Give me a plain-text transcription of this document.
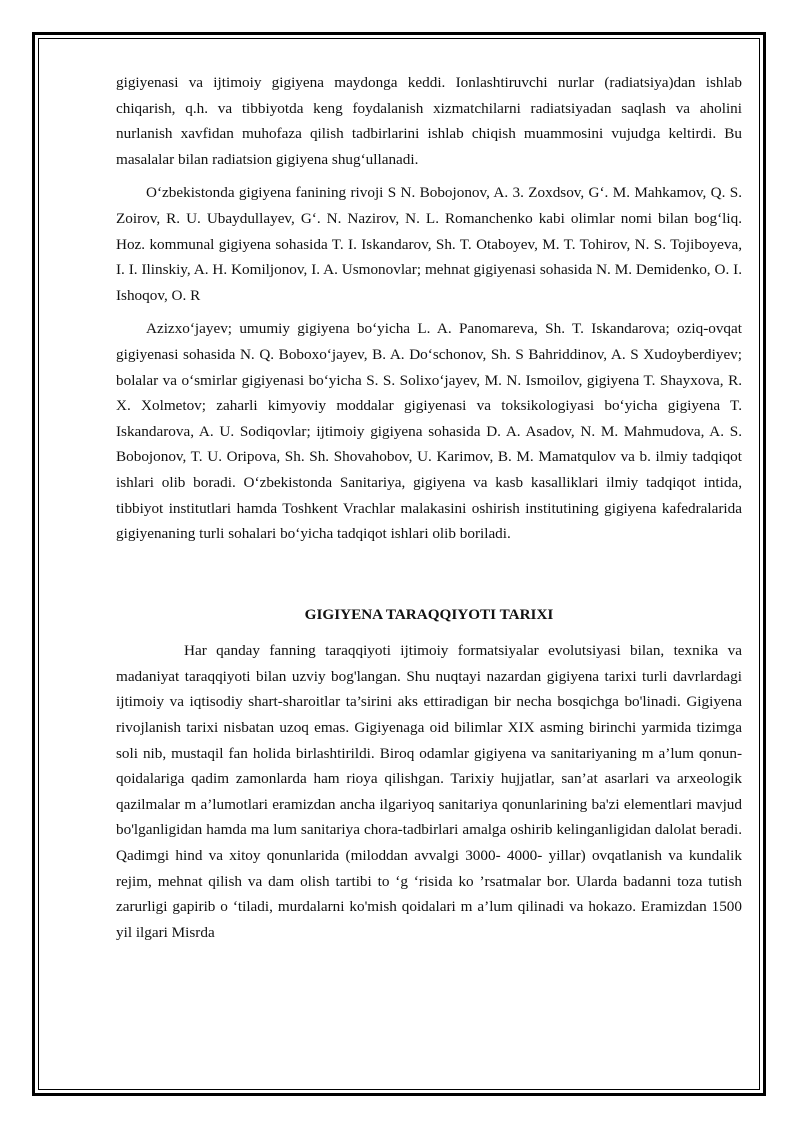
gigiyenasi va ijtimoiy gigiyena maydonga keddi. Ionlashtiruvchi nurlar (radiatsiya)dan ishlab chiqarish, q.h. va tibbiyotda keng foydalanish xizmatchilarni radiatsiyadan saqlash va aholini nurlanish xavfidan muhofaza qilish tadbirlarini ishlab chiqish muammosini vujudga keltirdi. Bu masalalar bilan radiatsion gigiyena shug‘ullanadi.

O‘zbekistonda gigiyena fanining rivoji S N. Bobojonov, A. 3. Zoxdsov, G‘. M. Mahkamov, Q. S. Zoirov, R. U. Ubaydullayev, G‘. N. Nazirov, N. L. Romanchenko kabi olimlar nomi bilan bog‘liq. Hoz. kommunal gigiyena sohasida T. I. Iskandarov, Sh. T. Otaboyev, M. T. Tohirov, N. S. Tojiboyeva, I. I. Ilinskiy, A. H. Komiljonov, I. A. Usmonovlar; mehnat gigiyenasi sohasida N. M. Demidenko, O. I. Ishoqov, O. R

Azizxo‘jayev; umumiy gigiyena bo‘yicha L. A. Panomareva, Sh. T. Iskandarova; oziq-ovqat gigiyenasi sohasida N. Q. Boboxo‘jayev, B. A. Do‘schonov, Sh. S Bahriddinov, A. S Xudoyberdiyev; bolalar va o‘smirlar gigiyenasi bo‘yicha S. S. Solixo‘jayev, M. N. Ismoilov, gigiyena T. Shayxova, R. X. Xolmetov; zaharli kimyoviy moddalar gigiyenasi va toksikologiyasi bo‘yicha gigiyena T. Iskandarova, A. U. Sodiqovlar; ijtimoiy gigiyena sohasida D. A. Asadov, N. M. Mahmudova, A. S. Bobojonov, T. U. Oripova, Sh. Sh. Shovahobov, U. Karimov, B. M. Mamatqulov va b. ilmiy tadqiqot ishlari olib boradi. O‘zbekistonda Sanitariya, gigiyena va kasb kasalliklari ilmiy tadqiqot intida, tibbiyot institutlari hamda Toshkent Vrachlar malakasini oshirish institutining gigiyena kafedralarida gigiyenaning turli sohalari bo‘yicha tadqiqot ishlari olib boriladi.

GIGIYENA TARAQQIYOTI TARIXI

Har qanday fanning taraqqiyoti ijtimoiy formatsiyalar evolutsiyasi bilan, texnika va madaniyat taraqqiyoti bilan uzviy bog'langan. Shu nuqtayi nazardan gigiyena tarixi turli davrlardagi ijtimoiy va iqtisodiy shart-sharoitlar ta’sirini aks ettiradigan bir necha bosqichga bo'linadi. Gigiyena rivojlanish tarixi nisbatan uzoq emas. Gigiyenaga oid bilimlar XIX asming birinchi yarmida tizimga soli nib, mustaqil fan holida birlashtirildi. Biroq odamlar gigiyena va sanitariyaning m a’lum qonun-qoidalariga qadim zamonlarda ham rioya qilishgan. Tarixiy hujjatlar, san’at asarlari va arxeologik qazilmalar m a’lumotlari eramizdan ancha ilgariyoq sanitariya qonunlarining ba'zi elementlari mavjud bo'lganligidan hamda ma lum sanitariya chora-tadbirlari amalga oshirib kelinganligidan dalolat beradi. Qadimgi hind va xitoy qonunlarida (miloddan avvalgi 3000- 4000- yillar) ovqatlanish va kundalik rejim, mehnat qilish va dam olish tartibi to ‘g ‘risida ko ’rsatmalar bor. Ularda badanni toza tutish zarurligi gapirib o ‘tiladi, murdalarni ko'mish qoidalari m a’lum qilinadi va hokazo. Eramizdan 1500 yil ilgari Misrda
